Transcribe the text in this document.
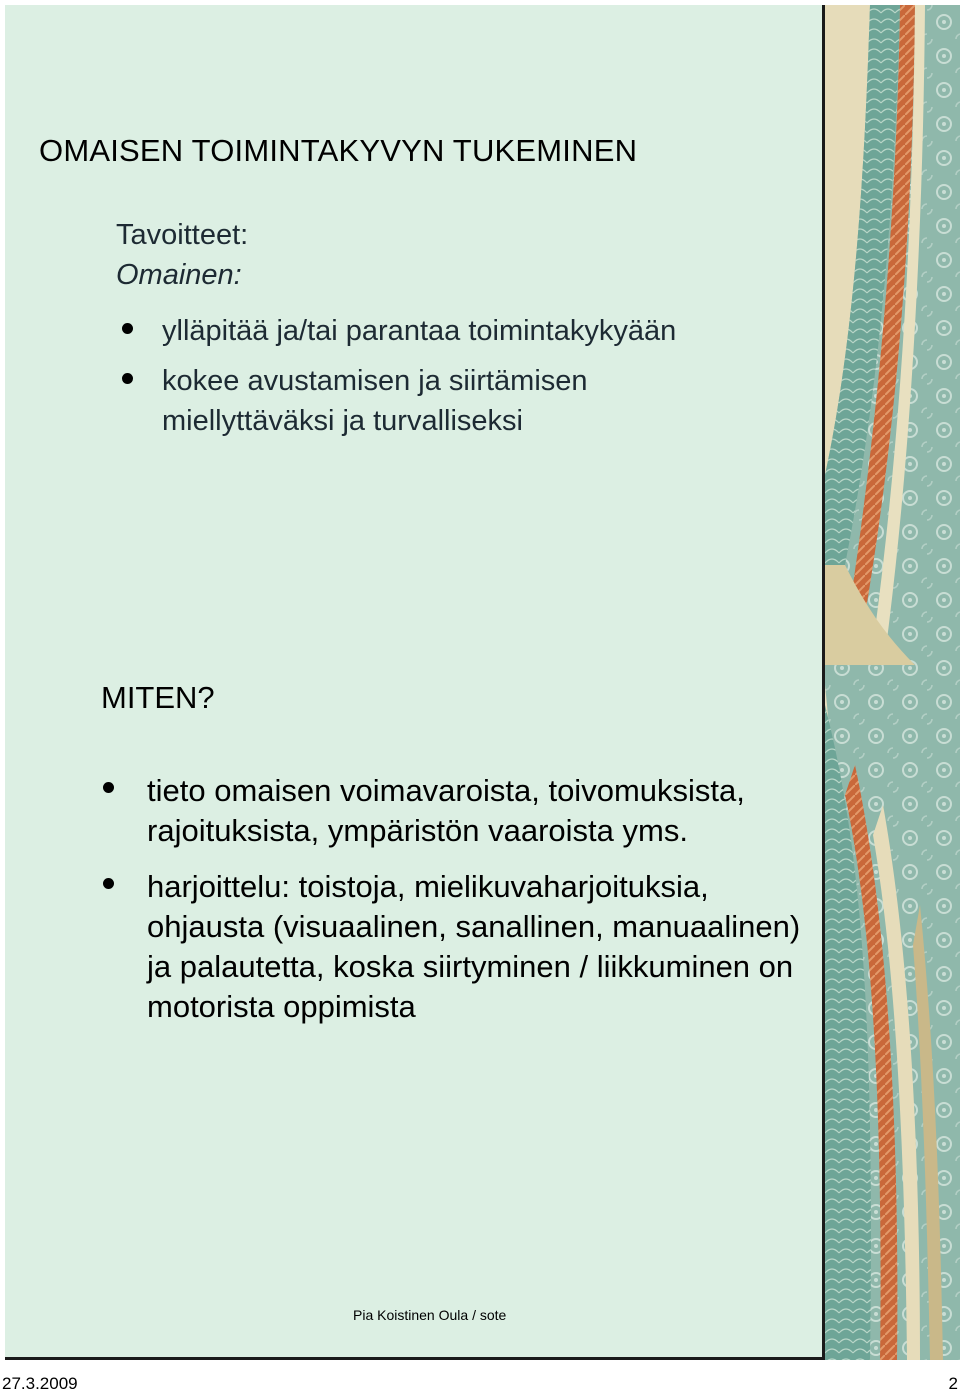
OMAISEN TOIMINTAKYVYN TUKEMINEN
Tavoitteet:
Omainen:
ylläpitää ja/tai parantaa toimintakykyään
kokee avustamisen ja siirtämisen miellyttäväksi ja turvalliseksi
MITEN?
tieto omaisen voimavaroista, toivomuksista, rajoituksista, ympäristön vaaroista yms.
harjoittelu: toistoja, mielikuvaharjoituksia, ohjausta (visuaalinen, sanallinen, manuaalinen) ja palautetta, koska siirtyminen / liikkuminen on motorista oppimista
Pia Koistinen Oula / sote
27.3.2009	2
